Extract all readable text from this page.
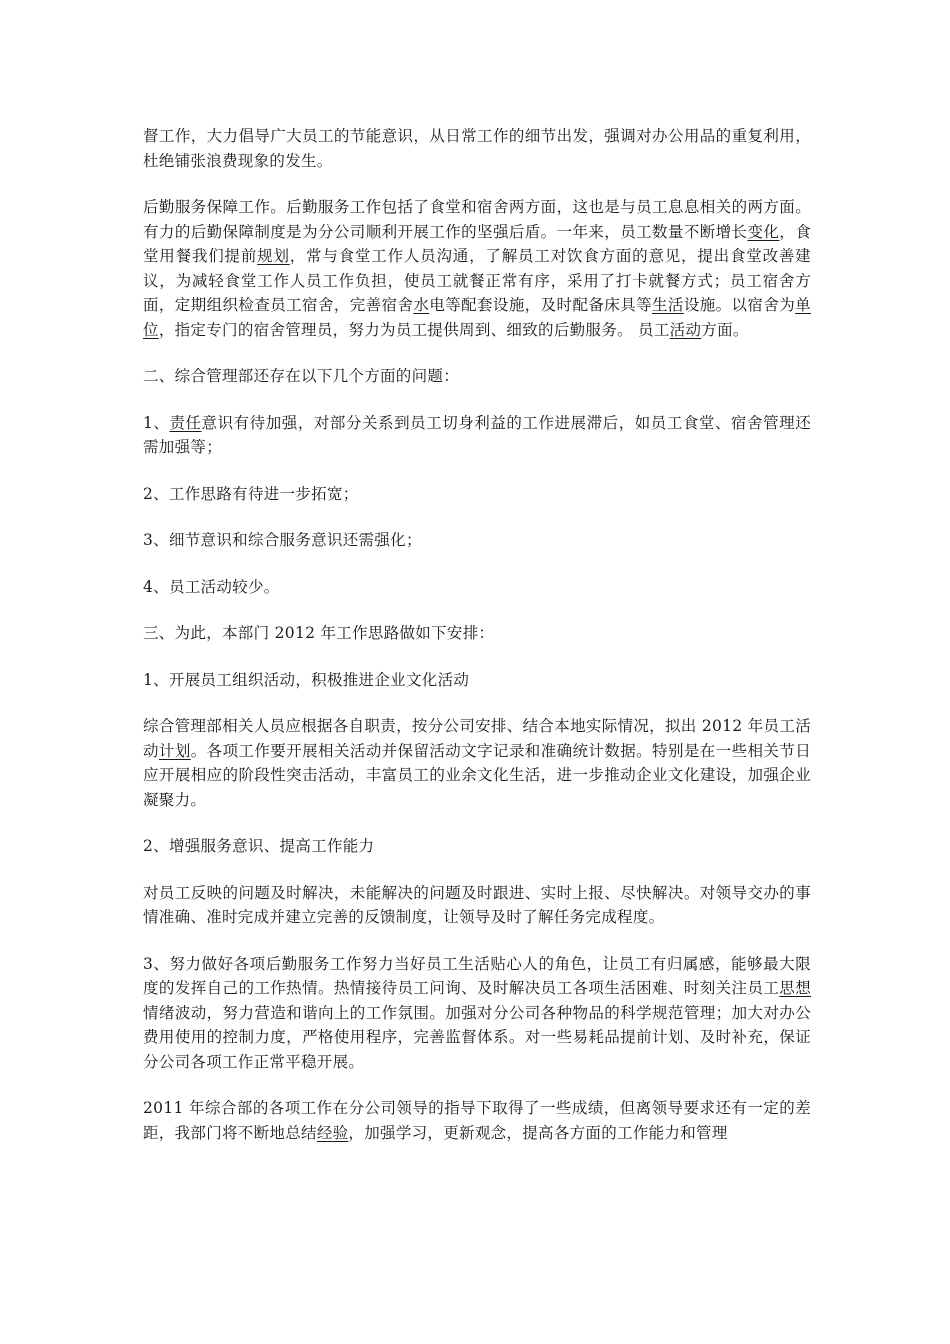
督工作，大力倡导广大员工的节能意识，从日常工作的细节出发，强调对办公用品的重复利用，杜绝铺张浪费现象的发生。

后勤服务保障工作。后勤服务工作包括了食堂和宿舍两方面，这也是与员工息息相关的两方面。有力的后勤保障制度是为分公司顺利开展工作的坚强后盾。一年来，员工数量不断增长变化，食堂用餐我们提前规划，常与食堂工作人员沟通，了解员工对饮食方面的意见，提出食堂改善建议，为减轻食堂工作人员工作负担，使员工就餐正常有序，采用了打卡就餐方式；员工宿舍方面，定期组织检查员工宿舍，完善宿舍水电等配套设施，及时配备床具等生活设施。以宿舍为单位，指定专门的宿舍管理员，努力为员工提供周到、细致的后勤服务。 员工活动方面。

二、综合管理部还存在以下几个方面的问题：

1、责任意识有待加强，对部分关系到员工切身利益的工作进展滞后，如员工食堂、宿舍管理还需加强等；

2、工作思路有待进一步拓宽；

3、细节意识和综合服务意识还需强化；

4、员工活动较少。

三、为此，本部门 2012 年工作思路做如下安排：

1、开展员工组织活动，积极推进企业文化活动

综合管理部相关人员应根据各自职责，按分公司安排、结合本地实际情况，拟出 2012 年员工活动计划。各项工作要开展相关活动并保留活动文字记录和准确统计数据。特别是在一些相关节日应开展相应的阶段性突击活动，丰富员工的业余文化生活，进一步推动企业文化建设，加强企业凝聚力。

2、增强服务意识、提高工作能力

对员工反映的问题及时解决，未能解决的问题及时跟进、实时上报、尽快解决。对领导交办的事情准确、准时完成并建立完善的反馈制度，让领导及时了解任务完成程度。

3、努力做好各项后勤服务工作努力当好员工生活贴心人的角色，让员工有归属感，能够最大限度的发挥自己的工作热情。热情接待员工问询、及时解决员工各项生活困难、时刻关注员工思想情绪波动，努力营造和谐向上的工作氛围。加强对分公司各种物品的科学规范管理；加大对办公费用使用的控制力度，严格使用程序，完善监督体系。对一些易耗品提前计划、及时补充，保证分公司各项工作正常平稳开展。

2011 年综合部的各项工作在分公司领导的指导下取得了一些成绩，但离领导要求还有一定的差距，我部门将不断地总结经验，加强学习，更新观念，提高各方面的工作能力和管理
